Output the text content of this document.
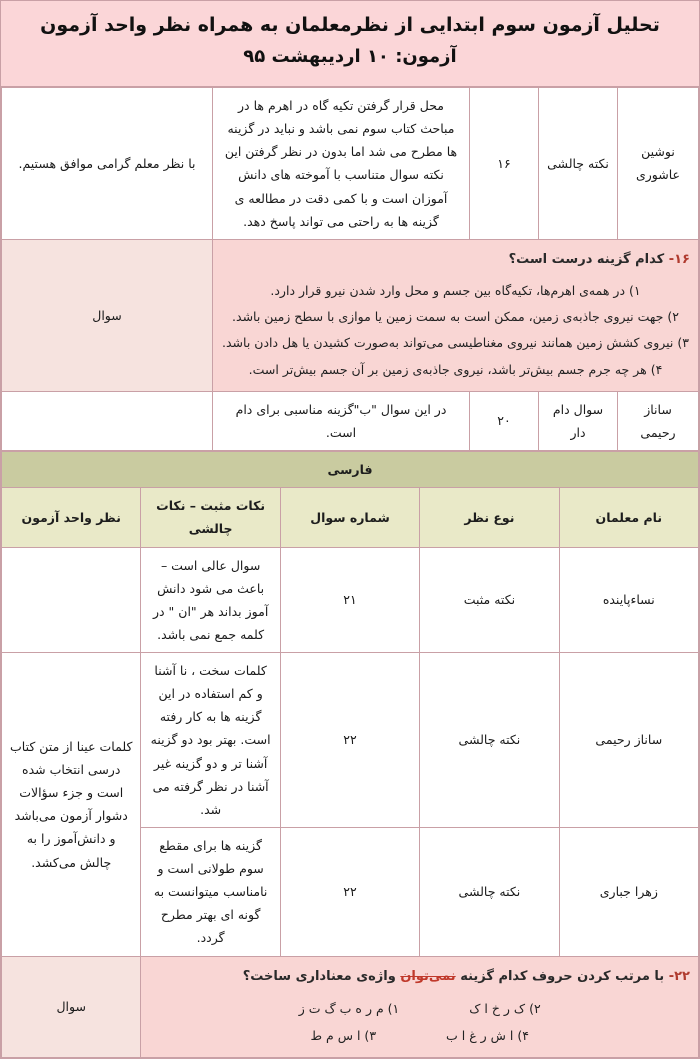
تحلیل آزمون سوم ابتدایی از نظرمعلمان به همراه نظر واحد آزمون
آزمون: ۱۰ اردیبهشت ۹۵
نوشین عاشوری	نکته چالشی	۱۶	محل قرار گرفتن تکیه گاه در اهرم ها در مباحث کتاب سوم نمی باشد و نباید در گزینه ها مطرح می شد اما بدون در نظر گرفتن این نکته سوال متناسب با آموخته های دانش آموزان است و با کمی دقت در مطالعه ی گزینه ها به راحتی می تواند پاسخ دهد.	با نظر معلم گرامی موافق هستیم.

۱۶- کدام گزینه درست است؟
۱) در همه‌ی اهرم‌ها، تکیه‌گاه بین جسم و محل وارد شدن نیرو قرار دارد.
۲) جهت نیروی جاذبه‌ی زمین، ممکن است به سمت زمین یا موازی با سطح زمین باشد.
۳) نیروی کشش زمین همانند نیروی مغناطیسی می‌تواند به‌صورت کشیدن یا هل دادن باشد.
۴) هر چه جرم جسم بیش‌تر باشد، نیروی جاذبه‌ی زمین بر آن جسم بیش‌تر است.				سوال
ساناز رحیمی	سوال دام دار	۲۰	در این سوال "ب"گزینه مناسبی برای دام است.	
فارسی				
نام معلمان	نوع نظر	شماره سوال	نکات مثبت – نکات چالشی	نظر واحد آزمون
نساءپاینده	نکته مثبت	۲۱	سوال عالی است – باعث می شود دانش آموز بداند هر "ان " در کلمه جمع نمی باشد.	
ساناز رحیمی	نکته چالشی	۲۲	کلمات سخت ، نا آشنا و کم استفاده در این گزینه ها به کار رفته است. بهتر بود دو گزینه آشنا تر و دو گزینه غیر آشنا در نظر گرفته می شد.	کلمات عینا از متن کتاب درسی انتخاب شده است و جزء سؤالات دشوار آزمون می‌باشد و دانش‌آموز را به چالش می‌کشد.
زهرا جباری	نکته چالشی	۲۲	گزینه ها برای مقطع سوم طولانی است و نامناسب میتوانست به گونه ای بهتر مطرح گردد.	

۲۲- با مرتب کردن حروف کدام گزینه نمی‌توان واژه‌ی معناداری ساخت؟
۱) م ر ه ب گ ت ز ۲) ک ر خ ا ک
۳) ا س م ط ۴) ا ش ر غ ا ب				سوال
